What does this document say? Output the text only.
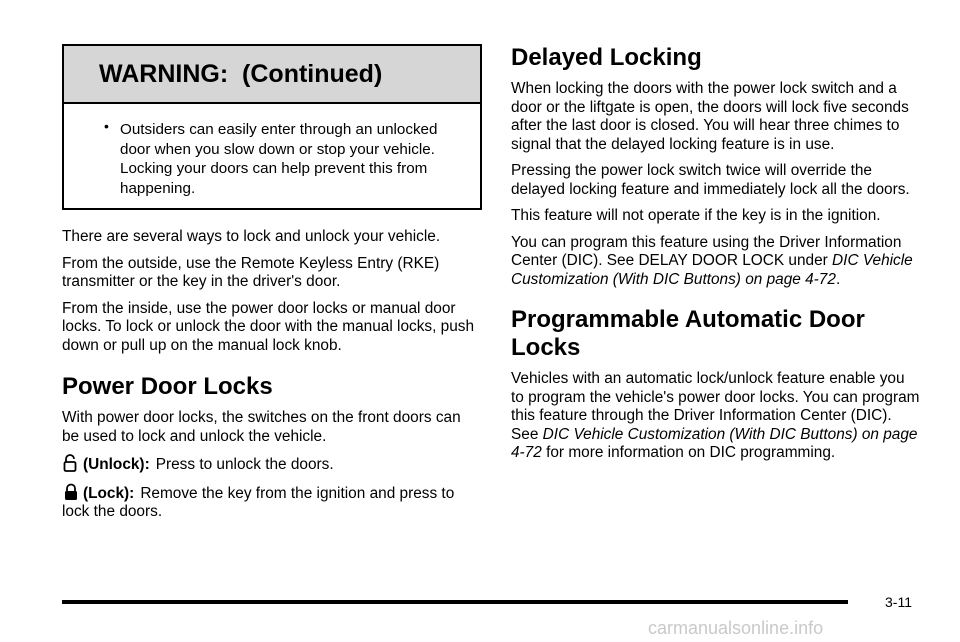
WARNING:  (Continued)
• Outsiders can easily enter through an unlocked door when you slow down or stop your vehicle. Locking your doors can help prevent this from happening.

There are several ways to lock and unlock your vehicle.

From the outside, use the Remote Keyless Entry (RKE) transmitter or the key in the driver's door.

From the inside, use the power door locks or manual door locks. To lock or unlock the door with the manual locks, push down or pull up on the manual lock knob.

Power Door Locks

With power door locks, the switches on the front doors can be used to lock and unlock the vehicle.

(Unlock): Press to unlock the doors.

(Lock): Remove the key from the ignition and press to lock the doors.

Delayed Locking

When locking the doors with the power lock switch and a door or the liftgate is open, the doors will lock five seconds after the last door is closed. You will hear three chimes to signal that the delayed locking feature is in use.

Pressing the power lock switch twice will override the delayed locking feature and immediately lock all the doors.

This feature will not operate if the key is in the ignition.

You can program this feature using the Driver Information Center (DIC). See DELAY DOOR LOCK under DIC Vehicle Customization (With DIC Buttons) on page 4-72.

Programmable Automatic Door
Locks

Vehicles with an automatic lock/unlock feature enable you to program the vehicle's power door locks. You can program this feature through the Driver Information Center (DIC). See DIC Vehicle Customization (With DIC Buttons) on page 4-72 for more information on DIC programming.

3-11
carmanualsonline.info
